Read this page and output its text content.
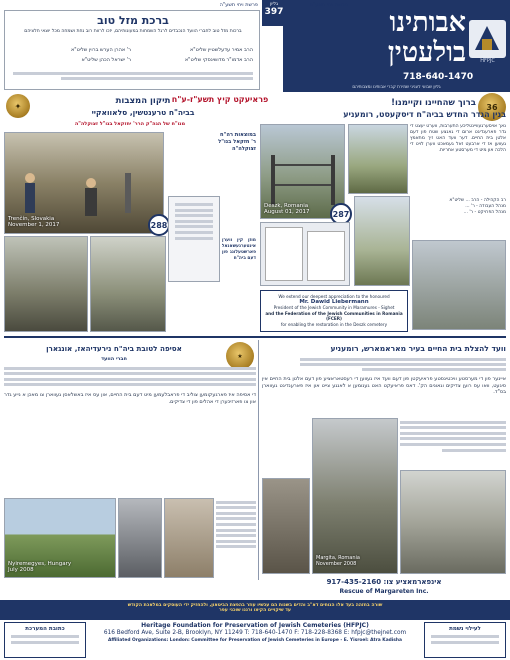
HFPJC
אבותינו
בולעטין
718-640-1470
גליון שבועי לעניני שמירת קברי אבותינו ומצבותיהם
גליון
397
פרשת ויחי תשע"ה
פרשת ויחי תשע"ה
ברכת מזל טוב
ברכות מזל טוב לחברי הוועד הנכבדים לרגל השמחות במעונותיהם, יזכו לרוות רוב נחת ושמחה מכל יוצאי חלציהם
הרב אמיר עדעלשטיין שליט"א
ר' אהרן הערש ברוין שליט"א
הרב אדמו"ר מדושינסקי שליט"א
ר' ישראל הכהן שליט"א
36
ברוך שהחיינו וקיימנו!
בנין הגדר החדש בביה"ח דיסקעסט, רומעניע
פראיעקט קיץ תשע"ז-ע"ח
נאך אויסערגעוויינטליכע התערבות, ווערט יעצט די גדר פארענדיגט ארום די גאנצע שטח פון דעם אלטן בית החיים. דער וועד האט זיך מתאמץ געווען אז די ארבעט זאל געמאכט ווערן לויט די הלכה און מיט די מערסטע אחריות.
רב הקהילה - הרב ... שליט"א
מנהל העבודה - ר' ...
מנהל הפרויקט - ר' ...
Deszk, Romania
August 01, 2017	287
We extend our deepest appreciation to the honoured
Mr. Dawid Liebermann
President of the Jewish Community in Maramures - Sighet
and the Federation of the Jewish Communities in Romania (FCER)
for enabling the restoration in the Deszk cemetery
✦	תיקון המצבות
בביה"ח טרענטשין, סלאוואקיי
מנו"ח של הגה"ק הרר' יחזקאל בנו"ל זצוקלה"ה
Trenčín, Slovakia
November 1, 2017	288
במוצאות רה"ח
ר' חזקאל בנו"ל
זצוקלה"ה
מוזן קין ווערן אינטערנעשאנאל פארשטעלונג פון דעם ביה"ח
וועד להצלת בית החיים בעיר מאראמארש, רומעניע
איינער פון די מערסטע וויכטיגסטע פראיעקטן פון דעם וועד איז געווען די רעסטאראציע פון דעם אלטן בית החיים אין סיגעט, וואו עס רוען צדיקים וגאונים הק'. דאס פראיעקט האט גענומען א לאנגע צייט און איז פארענדיגט געווארן בס"ד.
Margita, Romania
November 2008
917-435-2160 :אינפארמאציע צו
Rescue of Margareten Inc.
★
אסיפה לטובת ביה"ח נירעדיהאז, אונגארן
חברי הוועד
די אסיפה איז פארגעקומען צוליב די פראבלעמען מיט דעם בית החיים, און עס איז באשלאסן געווארן צו מאכן א נייע גדר און צו פארזיכערן די אהלים פון די צדיקים.
Nyiremegyes, Hungary
July 2008
שורה בחזהה בעד אלו הנוחים דא"ב והדים בשנות הם עכשיו עוזר בהפצת הביטאון, ולהחזיק ידי העוסקים במלאכת הקודש
עד שיקויים הקיצו ורננו שוכני עפר
Heritage Foundation for Preservation of Jewish Cemeteries (HFPJC)
616 Bedford Ave, Suite 2-B, Brooklyn, NY 11249 T: 718-640-1470 F: 718-228-8368 E: hfpjc@thejnet.com
Affiliated Organizations: London: Committee for Preservation of Jewish Cemeteries in Europe - E. Yisroel: Atra Kadisha
לעילוי נשמת
כתובת המערכת
